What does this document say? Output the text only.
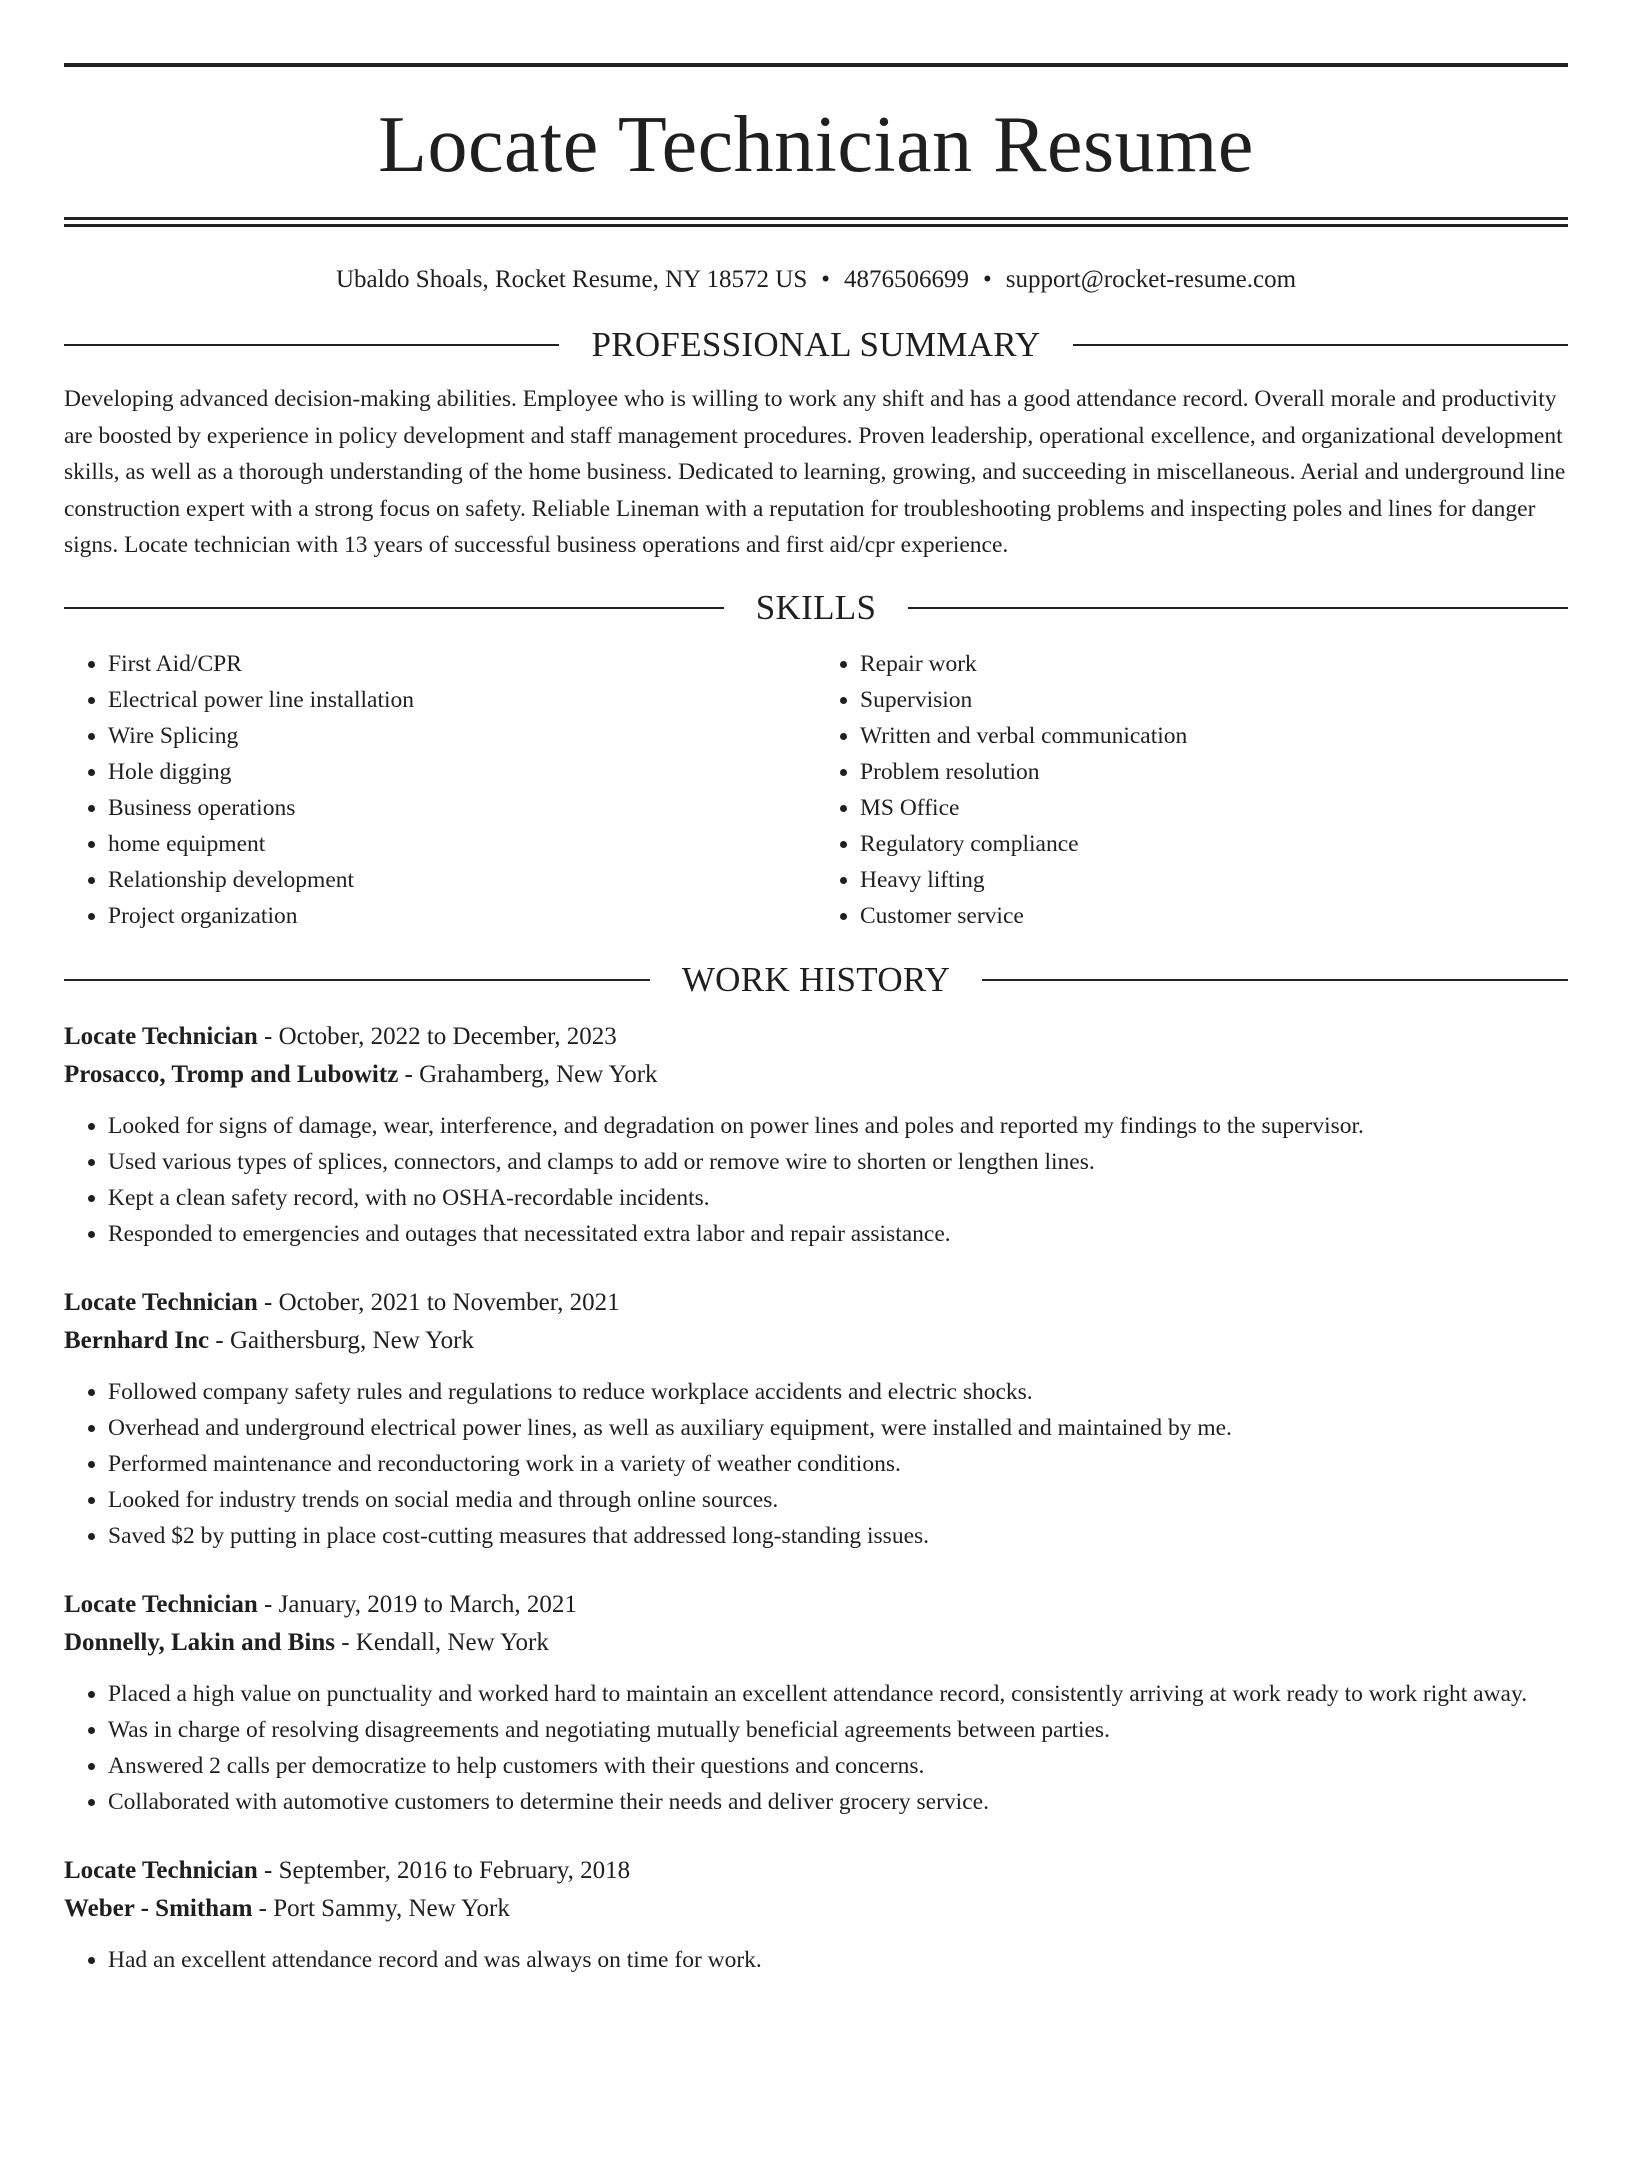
Locate Technician Resume
Ubaldo Shoals, Rocket Resume, NY 18572 US • 4876506699 • support@rocket-resume.com
PROFESSIONAL SUMMARY

Developing advanced decision-making abilities. Employee who is willing to work any shift and has a good attendance record. Overall morale and productivity are boosted by experience in policy development and staff management procedures. Proven leadership, operational excellence, and organizational development skills, as well as a thorough understanding of the home business. Dedicated to learning, growing, and succeeding in miscellaneous. Aerial and underground line construction expert with a strong focus on safety. Reliable Lineman with a reputation for troubleshooting problems and inspecting poles and lines for danger signs. Locate technician with 13 years of successful business operations and first aid/cpr experience.

SKILLS
• First Aid/CPR
• Electrical power line installation
• Wire Splicing
• Hole digging
• Business operations
• home equipment
• Relationship development
• Project organization
• Repair work
• Supervision
• Written and verbal communication
• Problem resolution
• MS Office
• Regulatory compliance
• Heavy lifting
• Customer service
WORK HISTORY
Locate Technician - October, 2022 to December, 2023
Prosacco, Tromp and Lubowitz - Grahamberg, New York
• Looked for signs of damage, wear, interference, and degradation on power lines and poles and reported my findings to the supervisor.
• Used various types of splices, connectors, and clamps to add or remove wire to shorten or lengthen lines.
• Kept a clean safety record, with no OSHA-recordable incidents.
• Responded to emergencies and outages that necessitated extra labor and repair assistance.
Locate Technician - October, 2021 to November, 2021
Bernhard Inc - Gaithersburg, New York
• Followed company safety rules and regulations to reduce workplace accidents and electric shocks.
• Overhead and underground electrical power lines, as well as auxiliary equipment, were installed and maintained by me.
• Performed maintenance and reconductoring work in a variety of weather conditions.
• Looked for industry trends on social media and through online sources.
• Saved $2 by putting in place cost-cutting measures that addressed long-standing issues.
Locate Technician - January, 2019 to March, 2021
Donnelly, Lakin and Bins - Kendall, New York
• Placed a high value on punctuality and worked hard to maintain an excellent attendance record, consistently arriving at work ready to work right away.
• Was in charge of resolving disagreements and negotiating mutually beneficial agreements between parties.
• Answered 2 calls per democratize to help customers with their questions and concerns.
• Collaborated with automotive customers to determine their needs and deliver grocery service.
Locate Technician - September, 2016 to February, 2018
Weber - Smitham - Port Sammy, New York
• Had an excellent attendance record and was always on time for work.
